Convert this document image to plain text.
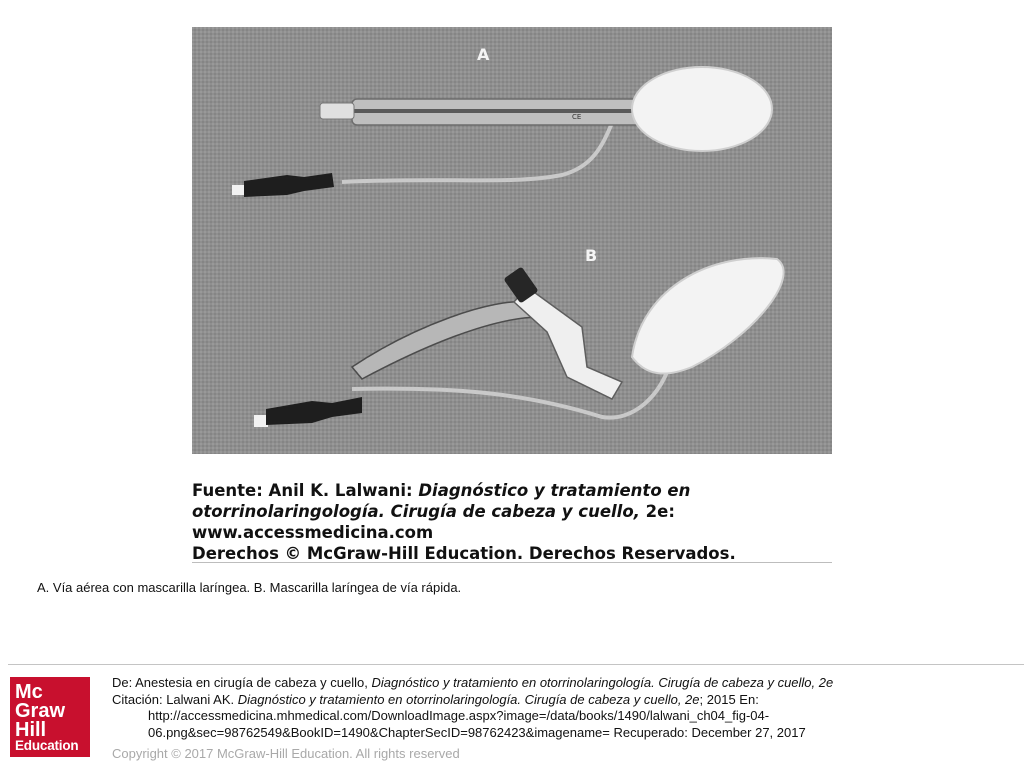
CE
A
B
Fuente: Anil K. Lalwani: Diagnóstico y tratamiento en
otorrinolaringología. Cirugía de cabeza y cuello, 2e:
www.accessmedicina.com
Derechos © McGraw-Hill Education. Derechos Reservados.
A. Vía aérea con mascarilla laríngea. B. Mascarilla laríngea de vía rápida.
Mc
Graw
Hill
Education
De: Anestesia en cirugía de cabeza y cuello, Diagnóstico y tratamiento en otorrinolaringología. Cirugía de cabeza y cuello, 2e
Citación: Lalwani AK. Diagnóstico y tratamiento en otorrinolaringología. Cirugía de cabeza y cuello, 2e; 2015 En:
http://accessmedicina.mhmedical.com/DownloadImage.aspx?image=/data/books/1490/lalwani_ch04_fig-04-
06.png&sec=98762549&BookID=1490&ChapterSecID=98762423&imagename= Recuperado: December 27, 2017
Copyright © 2017 McGraw-Hill Education. All rights reserved
